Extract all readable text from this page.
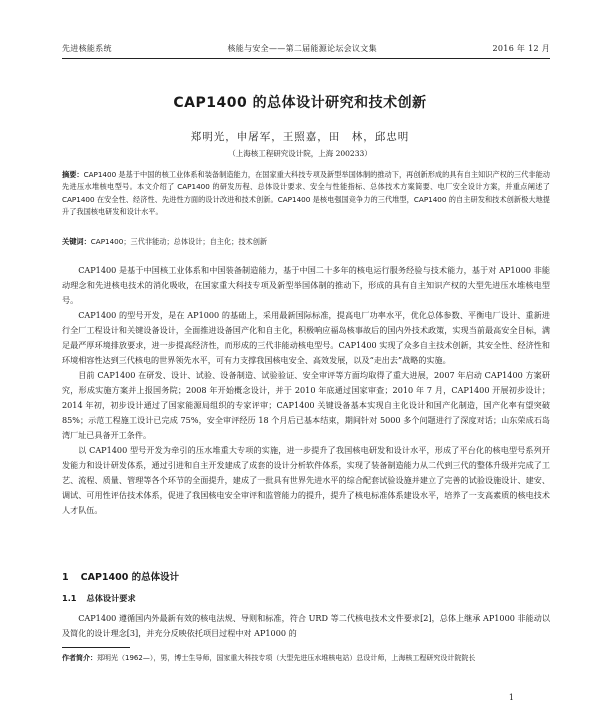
先进核能系统	核能与安全——第二届能源论坛会议文集	2016 年 12 月
CAP1400 的总体设计研究和技术创新
郑明光，申屠军，王照嘉，田　林，邱忠明
（上海核工程研究设计院，上海 200233）

摘要：CAP1400 是基于中国的核工业体系和装备制造能力，在国家重大科技专项及新型举国体制的推动下，再创新形成的具有自主知识产权的三代非能动先进压水堆核电型号。本文介绍了 CAP1400 的研发历程、总体设计要求、安全与性能指标、总体技术方案简要、电厂安全设计方案，并重点阐述了 CAP1400 在安全性、经济性、先进性方面的设计改进和技术创新。CAP1400 是核电强国竞争力的三代堆型，CAP1400 的自主研发和技术创新极大地提升了我国核电研发和设计水平。

关键词：CAP1400；三代非能动；总体设计；自主化；技术创新

CAP1400 是基于中国核工业体系和中国装备制造能力，基于中国二十多年的核电运行服务经验与技术能力，基于对 AP1000 非能动理念和先进核电技术的消化吸收，在国家重大科技专项及新型举国体制的推动下，形成的具有自主知识产权的大型先进压水堆核电型号。

CAP1400 的型号开发，是在 AP1000 的基础上，采用最新国际标准，提高电厂功率水平，优化总体参数、平衡电厂设计、重新进行全厂工程设计和关键设备设计，全面推进设备国产化和自主化，积极响应福岛核事故后的国内外技术政策，实现当前最高安全目标，满足最严厚环境排放要求，进一步提高经济性，而形成的三代非能动核电型号。CAP1400 实现了众多自主技术创新，其安全性、经济性和环境相容性达到三代核电的世界领先水平，可有力支撑我国核电安全、高效发展，以及“走出去”战略的实施。

目前 CAP1400 在研发、设计、试验、设备制造、试验验证、安全审评等方面均取得了重大进展，2007 年启动 CAP1400 方案研究，形成实施方案并上报国务院；2008 年开始概念设计，并于 2010 年底通过国家审查；2010 年 7 月，CAP1400 开展初步设计；2014 年初，初步设计通过了国家能源局组织的专家评审；CAP1400 关键设备基本实现自主化设计和国产化制造，国产化率有望突破 85%；示范工程施工设计已完成 75%，安全审评经历 18 个月后已基本结束，期间针对 5000 多个问题进行了深度对话；山东荣成石岛湾厂址已具备开工条件。

以 CAP1400 型号开发为牵引的压水堆重大专项的实施，进一步提升了我国核电研发和设计水平，形成了平台化的核电型号系列开发能力和设计研发体系，通过引进和自主开发建成了成套的设计分析软件体系，实现了装备制造能力从二代到三代的整体升级并完成了工艺、流程、质量、管理等各个环节的全面提升，建成了一批具有世界先进水平的综合配套试验设施并建立了完善的试验设施设计、建安、调试、可用性评估技术体系，促进了我国核电安全审评和监管能力的提升，提升了核电标准体系建设水平，培养了一支高素质的核电技术人才队伍。

1 CAP1400 的总体设计
1.1 总体设计要求

CAP1400 遵循国内外最新有效的核电法规、导则和标准，符合 URD 等二代核电技术文件要求[2]，总体上继承 AP1000 非能动以及简化的设计理念[3]，并充分反映依托项目过程中对 AP1000 的

作者简介：郑明光（1962—），男，博士生导师，国家重大科技专项（大型先进压水堆核电站）总设计师，上海核工程研究设计院院长

1
